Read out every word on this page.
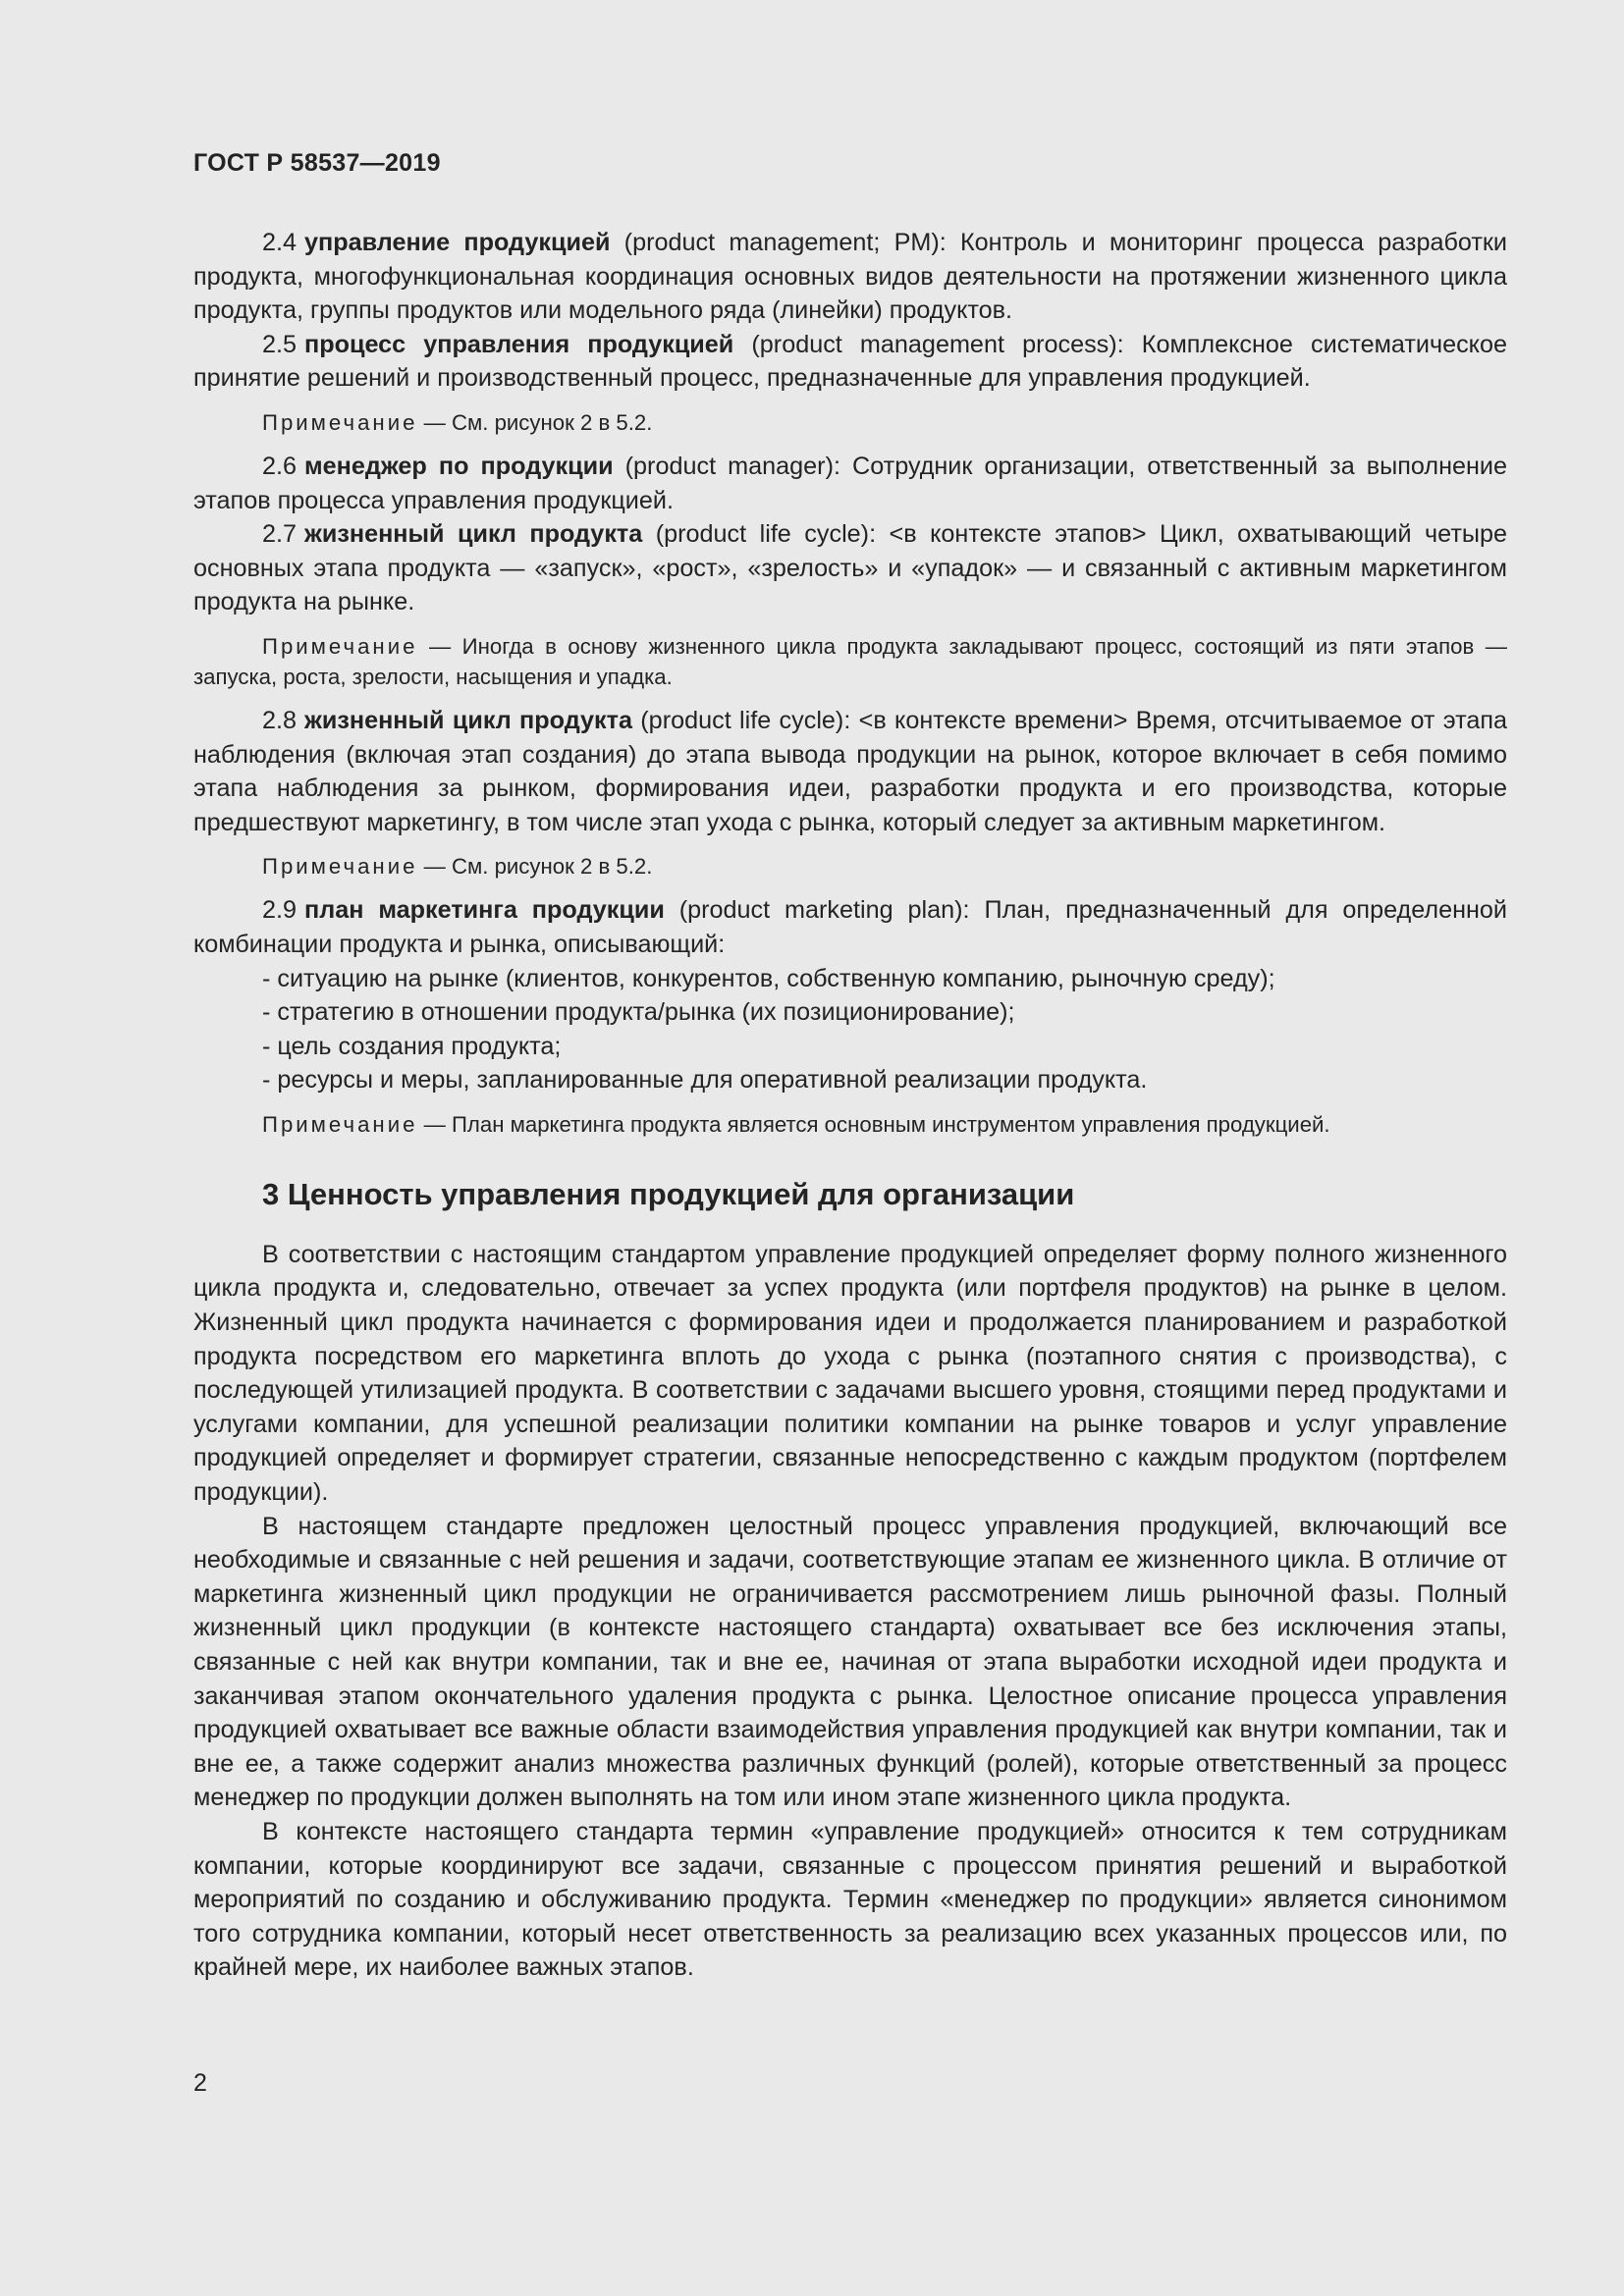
ГОСТ Р 58537—2019

2.4 управление продукцией (product management; PM): Контроль и мониторинг процесса разработки продукта, многофункциональная координация основных видов деятельности на протяжении жизненного цикла продукта, группы продуктов или модельного ряда (линейки) продуктов.

2.5 процесс управления продукцией (product management process): Комплексное систематическое принятие решений и производственный процесс, предназначенные для управления продукцией.

Примечание — См. рисунок 2 в 5.2.

2.6 менеджер по продукции (product manager): Сотрудник организации, ответственный за выполнение этапов процесса управления продукцией.

2.7 жизненный цикл продукта (product life cycle): <в контексте этапов> Цикл, охватывающий четыре основных этапа продукта — «запуск», «рост», «зрелость» и «упадок» — и связанный с активным маркетингом продукта на рынке.

Примечание — Иногда в основу жизненного цикла продукта закладывают процесс, состоящий из пяти этапов — запуска, роста, зрелости, насыщения и упадка.

2.8 жизненный цикл продукта (product life cycle): <в контексте времени> Время, отсчитываемое от этапа наблюдения (включая этап создания) до этапа вывода продукции на рынок, которое включает в себя помимо этапа наблюдения за рынком, формирования идеи, разработки продукта и его производства, которые предшествуют маркетингу, в том числе этап ухода с рынка, который следует за активным маркетингом.

Примечание — См. рисунок 2 в 5.2.

2.9 план маркетинга продукции (product marketing plan): План, предназначенный для определенной комбинации продукта и рынка, описывающий:

- ситуацию на рынке (клиентов, конкурентов, собственную компанию, рыночную среду);

- стратегию в отношении продукта/рынка (их позиционирование);

- цель создания продукта;

- ресурсы и меры, запланированные для оперативной реализации продукта.

Примечание — План маркетинга продукта является основным инструментом управления продукцией.

3 Ценность управления продукцией для организации

В соответствии с настоящим стандартом управление продукцией определяет форму полного жизненного цикла продукта и, следовательно, отвечает за успех продукта (или портфеля продуктов) на рынке в целом. Жизненный цикл продукта начинается с формирования идеи и продолжается планированием и разработкой продукта посредством его маркетинга вплоть до ухода с рынка (поэтапного снятия с производства), с последующей утилизацией продукта. В соответствии с задачами высшего уровня, стоящими перед продуктами и услугами компании, для успешной реализации политики компании на рынке товаров и услуг управление продукцией определяет и формирует стратегии, связанные непосредственно с каждым продуктом (портфелем продукции).

В настоящем стандарте предложен целостный процесс управления продукцией, включающий все необходимые и связанные с ней решения и задачи, соответствующие этапам ее жизненного цикла. В отличие от маркетинга жизненный цикл продукции не ограничивается рассмотрением лишь рыночной фазы. Полный жизненный цикл продукции (в контексте настоящего стандарта) охватывает все без исключения этапы, связанные с ней как внутри компании, так и вне ее, начиная от этапа выработки исходной идеи продукта и заканчивая этапом окончательного удаления продукта с рынка. Целостное описание процесса управления продукцией охватывает все важные области взаимодействия управления продукцией как внутри компании, так и вне ее, а также содержит анализ множества различных функций (ролей), которые ответственный за процесс менеджер по продукции должен выполнять на том или ином этапе жизненного цикла продукта.

В контексте настоящего стандарта термин «управление продукцией» относится к тем сотрудникам компании, которые координируют все задачи, связанные с процессом принятия решений и выработкой мероприятий по созданию и обслуживанию продукта. Термин «менеджер по продукции» является синонимом того сотрудника компании, который несет ответственность за реализацию всех указанных процессов или, по крайней мере, их наиболее важных этапов.

2
